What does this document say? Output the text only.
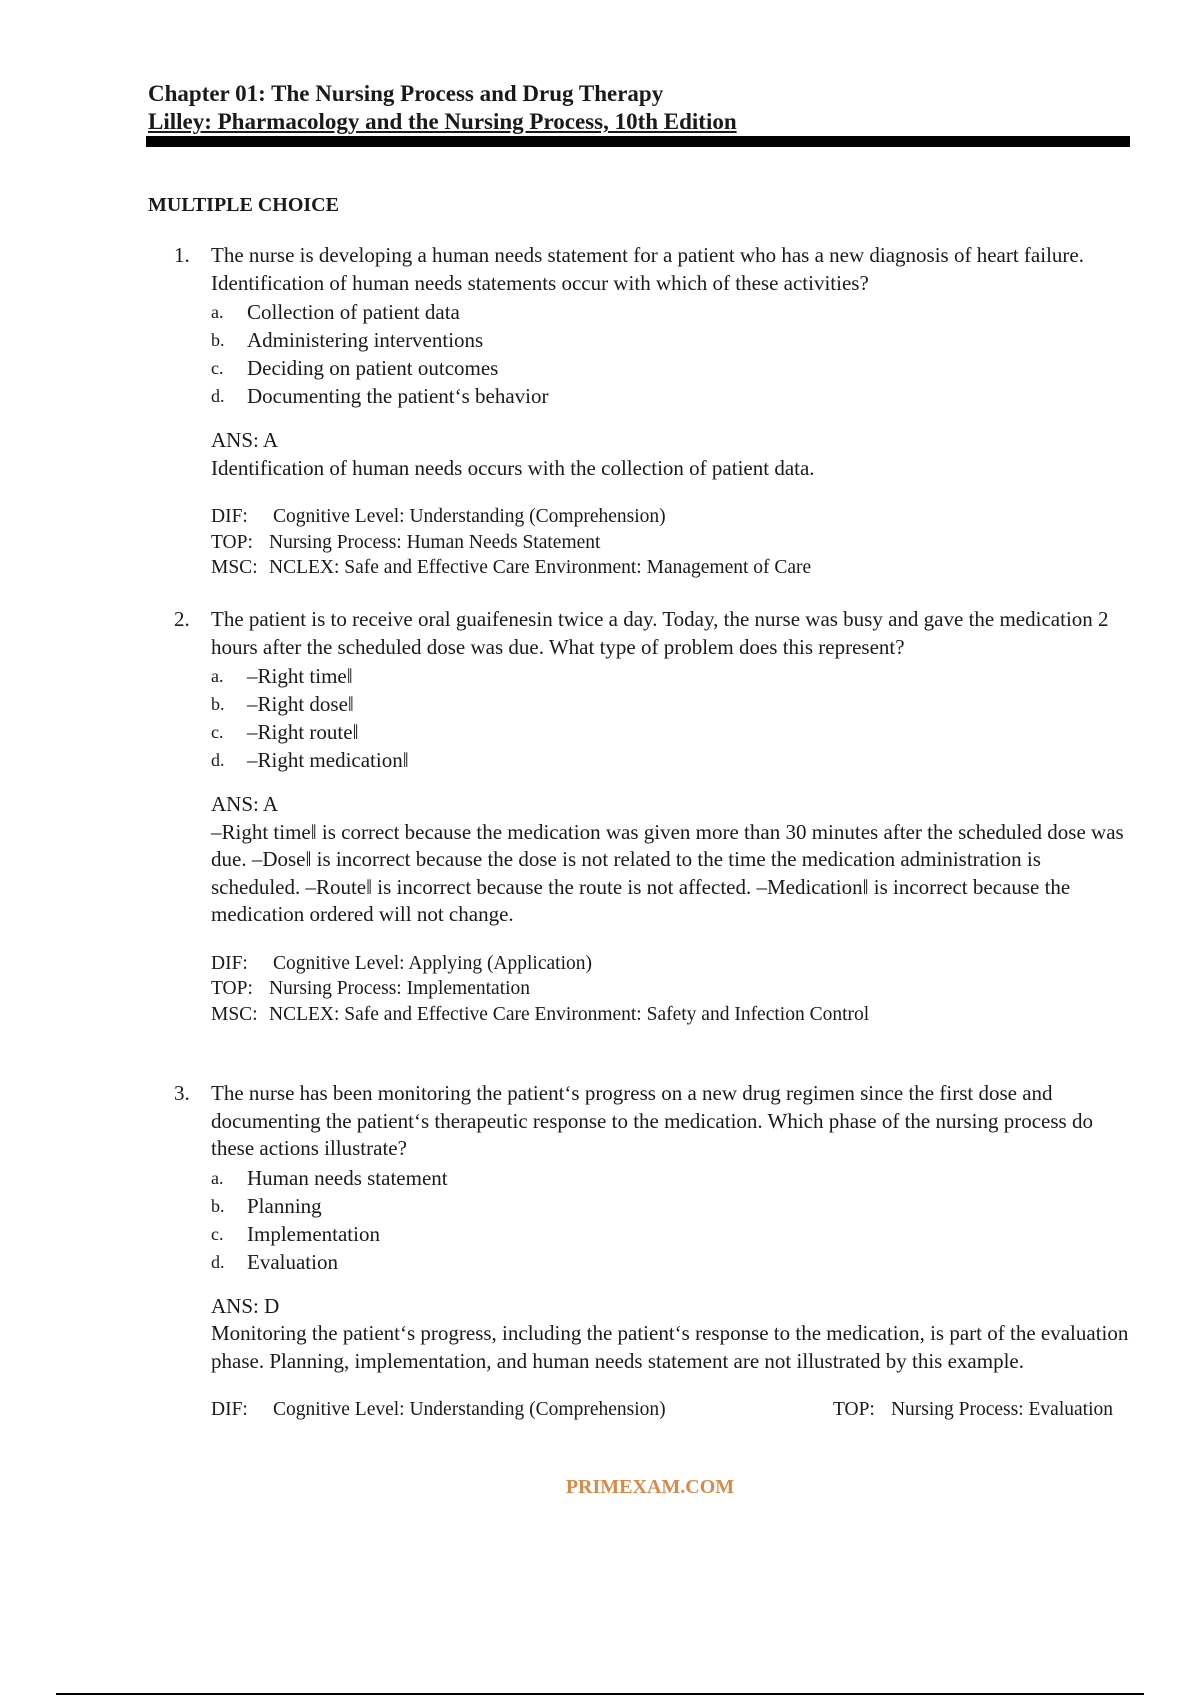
Chapter 01: The Nursing Process and Drug Therapy
Lilley: Pharmacology and the Nursing Process, 10th Edition
MULTIPLE CHOICE
1.	The nurse is developing a human needs statement for a patient who has a new diagnosis of heart failure. Identification of human needs statements occur with which of these activities?
a.	Collection of patient data
b.	Administering interventions
c.	Deciding on patient outcomes
d.	Documenting the patient‘s behavior
ANS: A
Identification of human needs occurs with the collection of patient data.
DIF:	Cognitive Level: Understanding (Comprehension)
TOP: Nursing Process: Human Needs Statement
MSC: NCLEX: Safe and Effective Care Environment: Management of Care
2.	The patient is to receive oral guaifenesin twice a day. Today, the nurse was busy and gave the medication 2 hours after the scheduled dose was due. What type of problem does this represent?
a.	–Right time‖
b.	–Right dose‖
c.	–Right route‖
d.	–Right medication‖
ANS: A
–Right time‖ is correct because the medication was given more than 30 minutes after the scheduled dose was due. –Dose‖ is incorrect because the dose is not related to the time the medication administration is scheduled. –Route‖ is incorrect because the route is not affected. –Medication‖ is incorrect because the medication ordered will not change.
DIF:	Cognitive Level: Applying (Application)
TOP: Nursing Process: Implementation
MSC: NCLEX: Safe and Effective Care Environment: Safety and Infection Control
3.	The nurse has been monitoring the patient‘s progress on a new drug regimen since the first dose and documenting the patient‘s therapeutic response to the medication. Which phase of the nursing process do these actions illustrate?
a.	Human needs statement
b.	Planning
c.	Implementation
d.	Evaluation
ANS: D
Monitoring the patient‘s progress, including the patient‘s response to the medication, is part of the evaluation phase. Planning, implementation, and human needs statement are not illustrated by this example.
DIF:	Cognitive Level: Understanding (Comprehension)	TOP: Nursing Process: Evaluation
PRIMEXAM.COM
